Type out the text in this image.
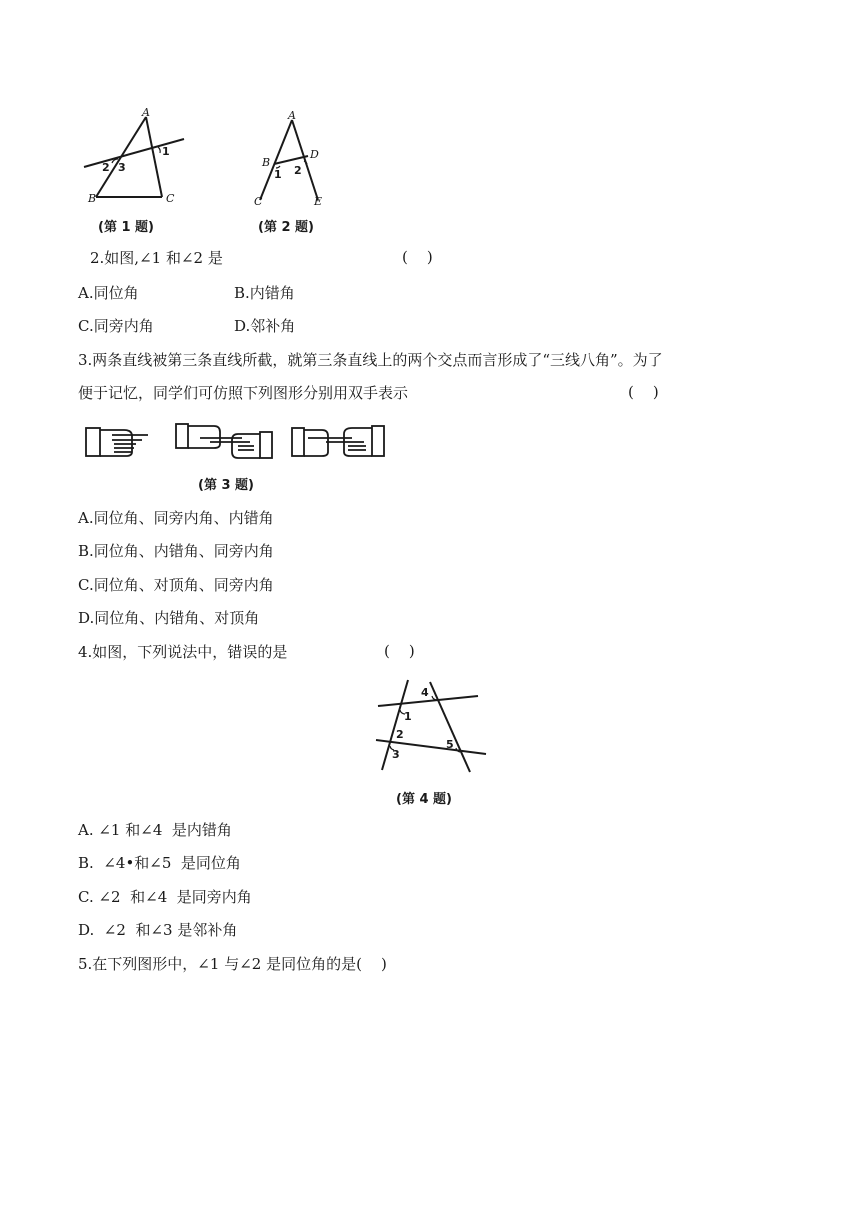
A
B	C
1
2 3
(第 1 题)
A
B
C
D
E
1 2
(第 2 题)
2.如图,∠1 和∠2 是	(    )
A.同位角	B.内错角
C.同旁内角	D.邻补角
3.两条直线被第三条直线所截，就第三条直线上的两个交点而言形成了“三线八角”。为了
便于记忆，同学们可仿照下列图形分别用双手表示	(    )
(第 3 题)
A.同位角、同旁内角、内错角
B.同位角、内错角、同旁内角
C.同位角、对顶角、同旁内角
D.同位角、内错角、对顶角
4.如图，下列说法中，错误的是	(    )
1
2
3
4
5
(第 4 题)
A. ∠1 和∠4  是内错角
B.  ∠4•和∠5  是同位角
C. ∠2  和∠4  是同旁内角
D.  ∠2  和∠3 是邻补角
5.在下列图形中，∠1 与∠2 是同位角的是(    )
